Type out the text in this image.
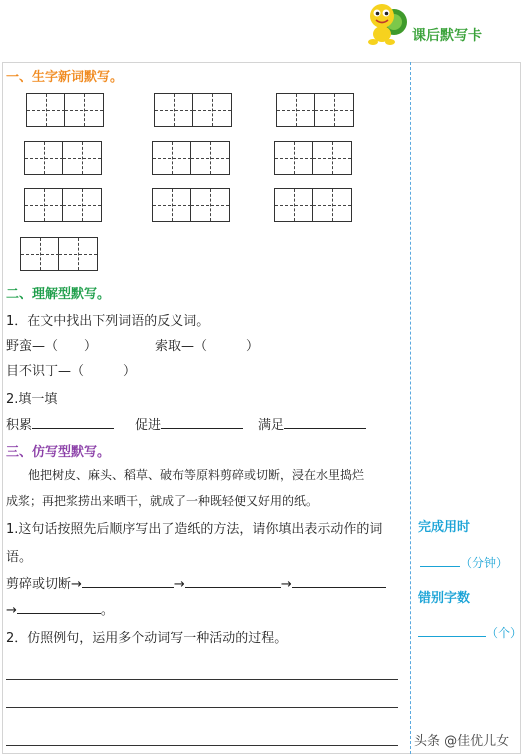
课后默写卡
一、生字新词默写。
二、理解型默写。
1．在文中找出下列词语的反义词。
野蛮—（　　）	索取—（　　　）
目不识丁—（　　　）
2.填一填
积累	促进	满足
三、仿写型默写。
他把树皮、麻头、稻草、破布等原料剪碎或切断，浸在水里捣烂
成浆；再把浆捞出来晒干，就成了一种既轻便又好用的纸。
1.这句话按照先后顺序写出了造纸的方法，请你填出表示动作的词
语。
剪碎或切断→	→	→
→	。
2．仿照例句，运用多个动词写一种活动的过程。
完成用时
（分钟）
错别字数
（个）
头条 @佳优儿女
